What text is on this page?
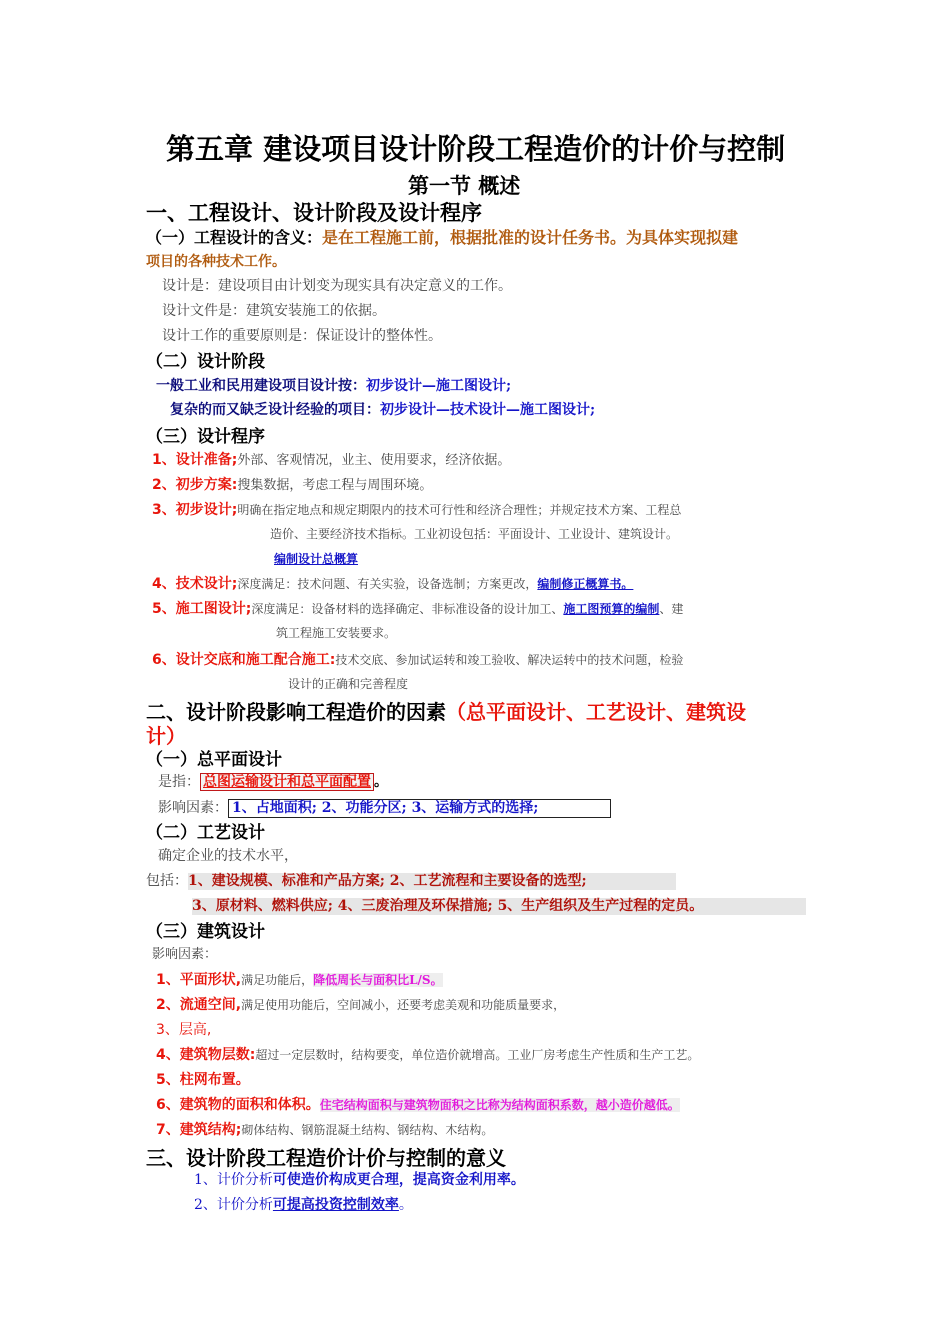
第五章 建设项目设计阶段工程造价的计价与控制
第一节 概述
一、工程设计、设计阶段及设计程序
（一）工程设计的含义：是在工程施工前，根据批准的设计任务书。为具体实现拟建
项目的各种技术工作。
设计是：建设项目由计划变为现实具有决定意义的工作。
设计文件是：建筑安装施工的依据。
设计工作的重要原则是：保证设计的整体性。
（二）设计阶段
一般工业和民用建设项目设计按：初步设计—施工图设计;
复杂的而又缺乏设计经验的项目：初步设计—技术设计—施工图设计;
（三）设计程序
1、设计准备;外部、客观情况，业主、使用要求，经济依据。
2、初步方案:搜集数据，考虑工程与周围环境。
3、初步设计;明确在指定地点和规定期限内的技术可行性和经济合理性；并规定技术方案、工程总
造价、主要经济技术指标。工业初设包括：平面设计、工业设计、建筑设计。
编制设计总概算
4、技术设计;深度满足：技术问题、有关实验，设备选制；方案更改，编制修正概算书。
5、施工图设计;深度满足：设备材料的选择确定、非标准设备的设计加工、施工图预算的编制、建
筑工程施工安装要求。
6、设计交底和施工配合施工:技术交底、参加试运转和竣工验收、解决运转中的技术问题，检验
设计的正确和完善程度
二、设计阶段影响工程造价的因素（总平面设计、工艺设计、建筑设
计）
（一）总平面设计
是指： 总图运输设计和总平面配置 。
影响因素： 1、占地面积; 2、功能分区; 3、运输方式的选择;
（二）工艺设计
确定企业的技术水平，
包括：1、建设规模、标准和产品方案; 2、工艺流程和主要设备的选型;
3、原材料、燃料供应; 4、三废治理及环保措施; 5、生产组织及生产过程的定员。
（三）建筑设计
影响因素：
1、平面形状,满足功能后，降低周长与面积比L/S。
2、流通空间,满足使用功能后，空间减小，还要考虑美观和功能质量要求，
3、层高,
4、建筑物层数:超过一定层数时，结构要变，单位造价就增高。工业厂房考虑生产性质和生产工艺。
5、柱网布置。
6、建筑物的面积和体积。住宅结构面积与建筑物面积之比称为结构面积系数，越小造价越低。
7、建筑结构;砌体结构、钢筋混凝土结构、钢结构、木结构。
三、设计阶段工程造价计价与控制的意义
1、计价分析可使造价构成更合理，提高资金利用率。
2、计价分析可提高投资控制效率。
